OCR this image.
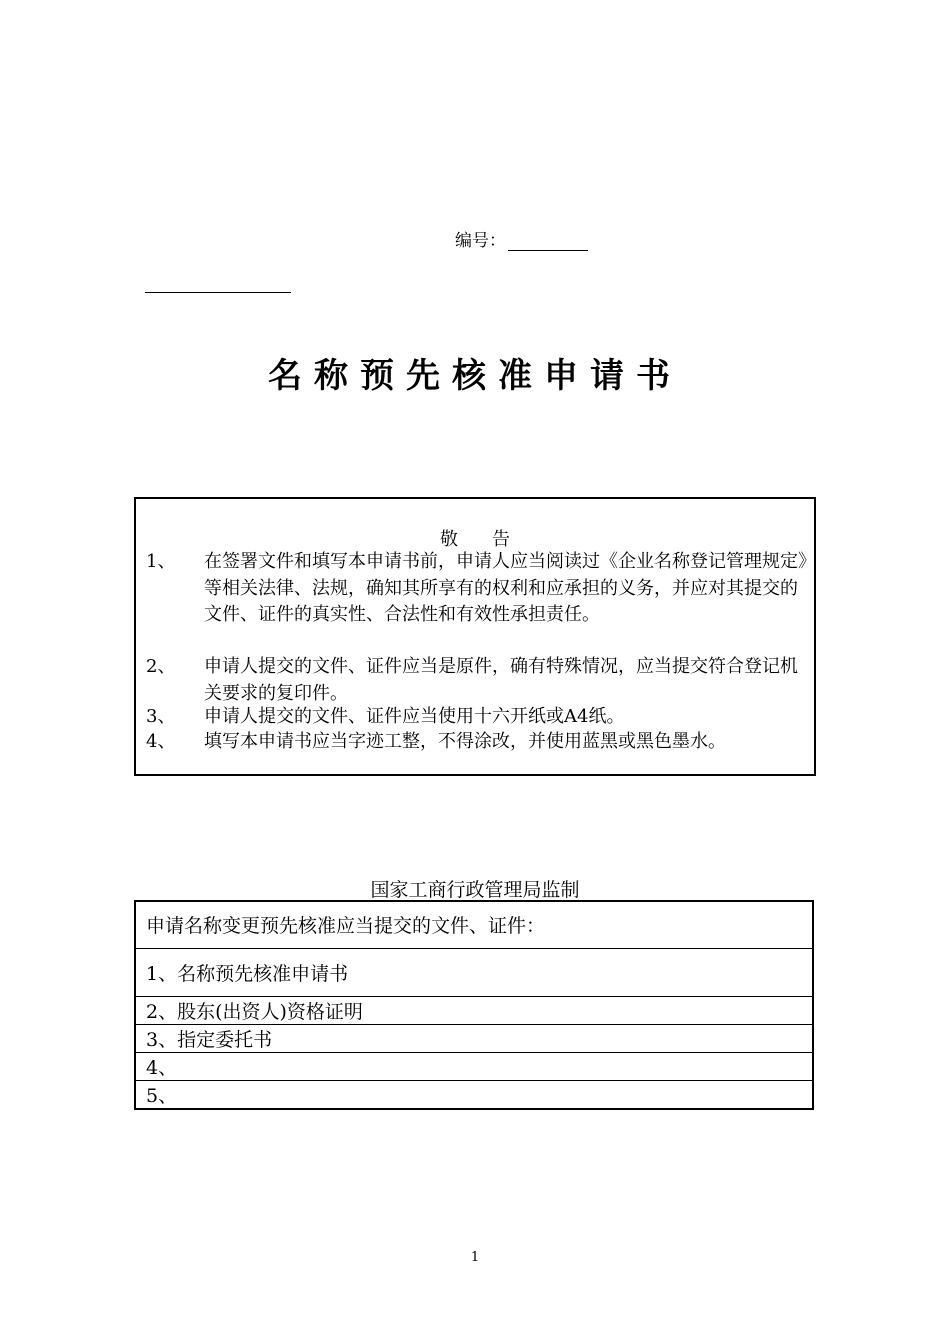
编号：
名称预先核准申请书
敬告
1、	在签署文件和填写本申请书前，申请人应当阅读过《企业名称登记管理规定》等相关法律、法规，确知其所享有的权利和应承担的义务，并应对其提交的文件、证件的真实性、合法性和有效性承担责任。
2、	申请人提交的文件、证件应当是原件，确有特殊情况，应当提交符合登记机关要求的复印件。
3、	申请人提交的文件、证件应当使用十六开纸或A4纸。
4、	填写本申请书应当字迹工整，不得涂改，并使用蓝黑或黑色墨水。
国家工商行政管理局监制
申请名称变更预先核准应当提交的文件、证件：
1、名称预先核准申请书
2、股东(出资人)资格证明
3、指定委托书
4、
5、
1
